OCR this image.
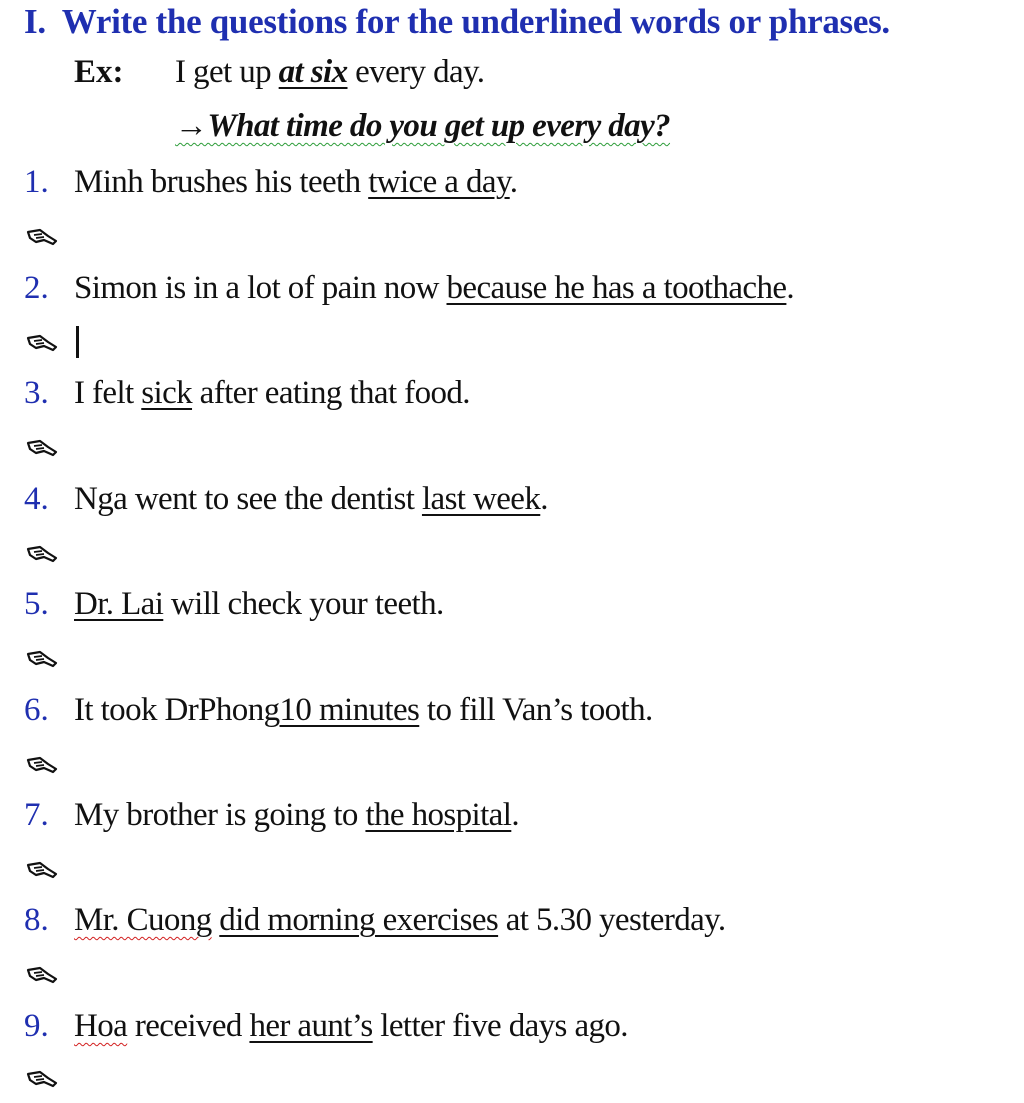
I. Write the questions for the underlined words or phrases.
Ex: I get up at six every day.
→What time do you get up every day?
1. Minh brushes his teeth twice a day.
2. Simon is in a lot of pain now because he has a toothache.
3. I felt sick after eating that food.
4. Nga went to see the dentist last week.
5. Dr. Lai will check your teeth.
6. It took DrPhong10 minutes to fill Van’s tooth.
7. My brother is going to the hospital.
8. Mr. Cuong did morning exercises at 5.30 yesterday.
9. Hoa received her aunt’s letter five days ago.
